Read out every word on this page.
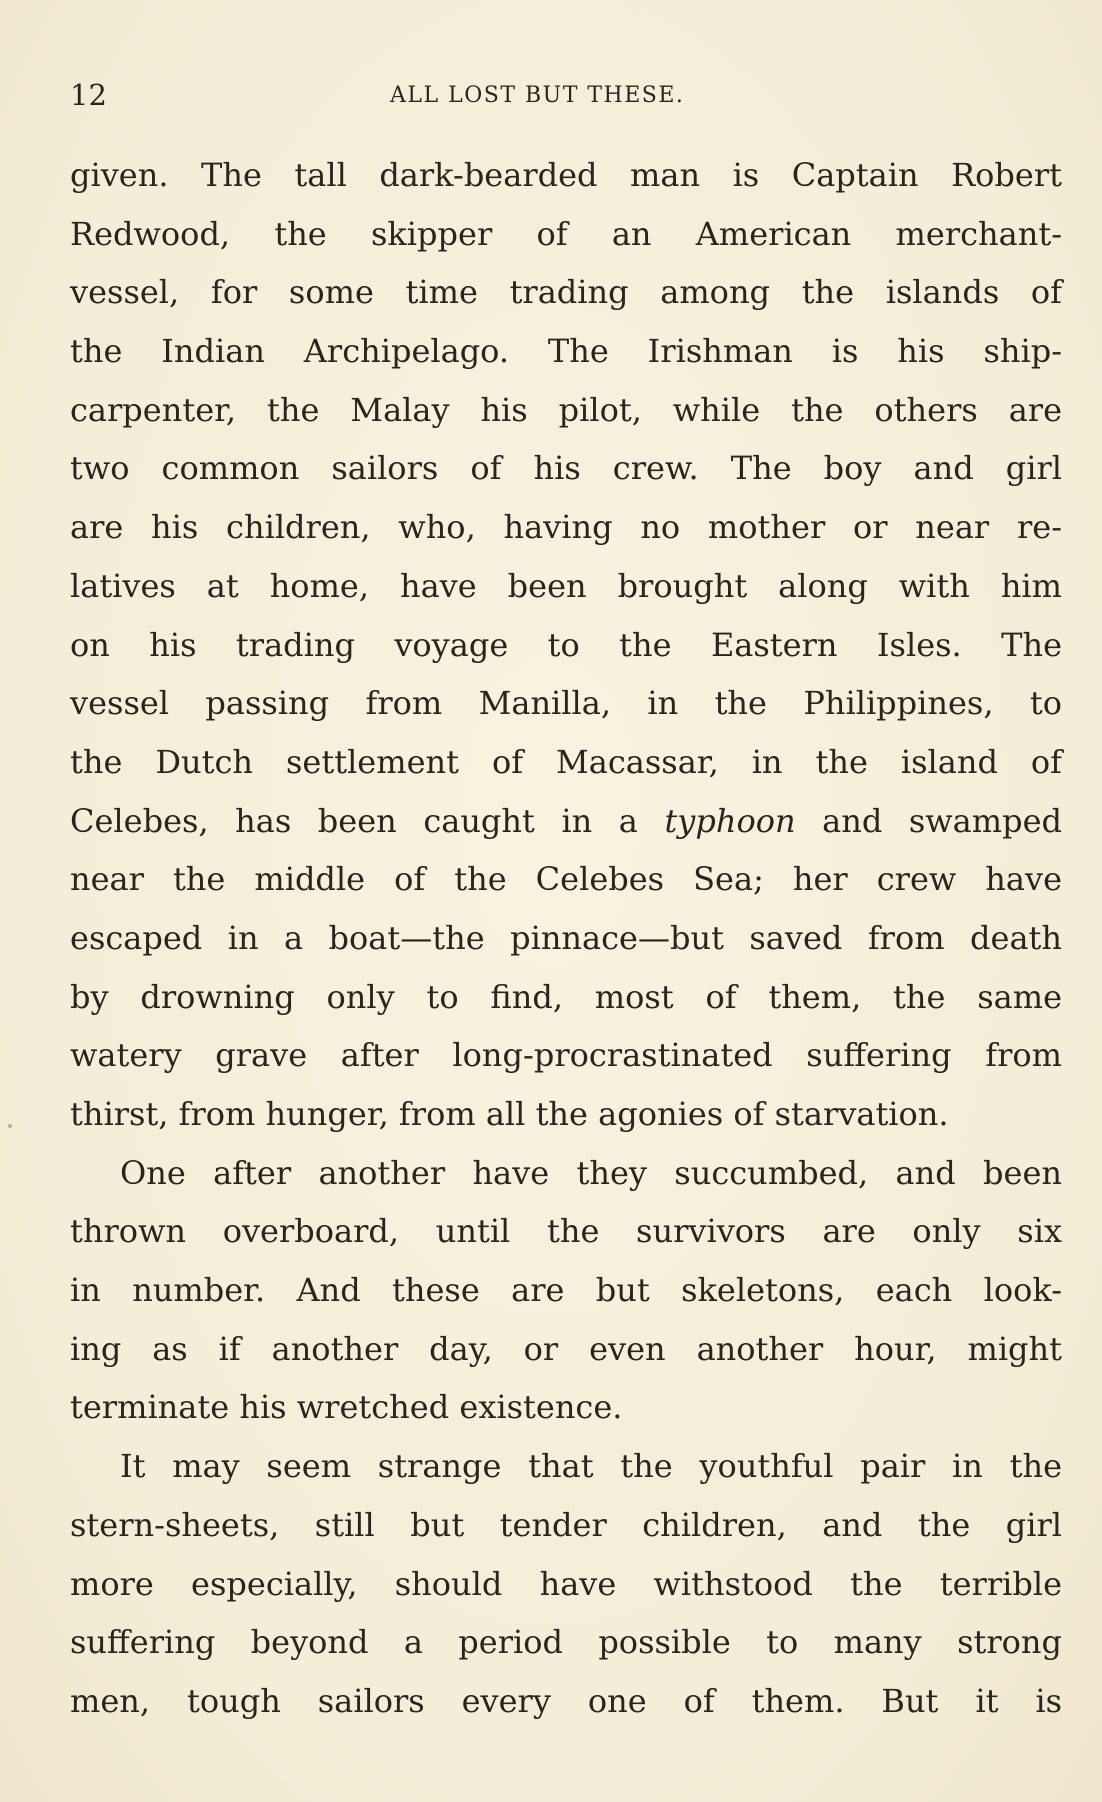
12	ALL LOST BUT THESE.
given. The tall dark-bearded man is Captain Robert
Redwood, the skipper of an American merchant-
vessel, for some time trading among the islands of
the Indian Archipelago. The Irishman is his ship-
carpenter, the Malay his pilot, while the others are
two common sailors of his crew. The boy and girl
are his children, who, having no mother or near re-
latives at home, have been brought along with him
on his trading voyage to the Eastern Isles. The
vessel passing from Manilla, in the Philippines, to
the Dutch settlement of Macassar, in the island of
Celebes, has been caught in a typhoon and swamped
near the middle of the Celebes Sea; her crew have
escaped in a boat—the pinnace—but saved from death
by drowning only to find, most of them, the same
watery grave after long-procrastinated suffering from
thirst, from hunger, from all the agonies of starvation.
One after another have they succumbed, and been
thrown overboard, until the survivors are only six
in number. And these are but skeletons, each look-
ing as if another day, or even another hour, might
terminate his wretched existence.
It may seem strange that the youthful pair in the
stern-sheets, still but tender children, and the girl
more especially, should have withstood the terrible
suffering beyond a period possible to many strong
men, tough sailors every one of them. But it is
